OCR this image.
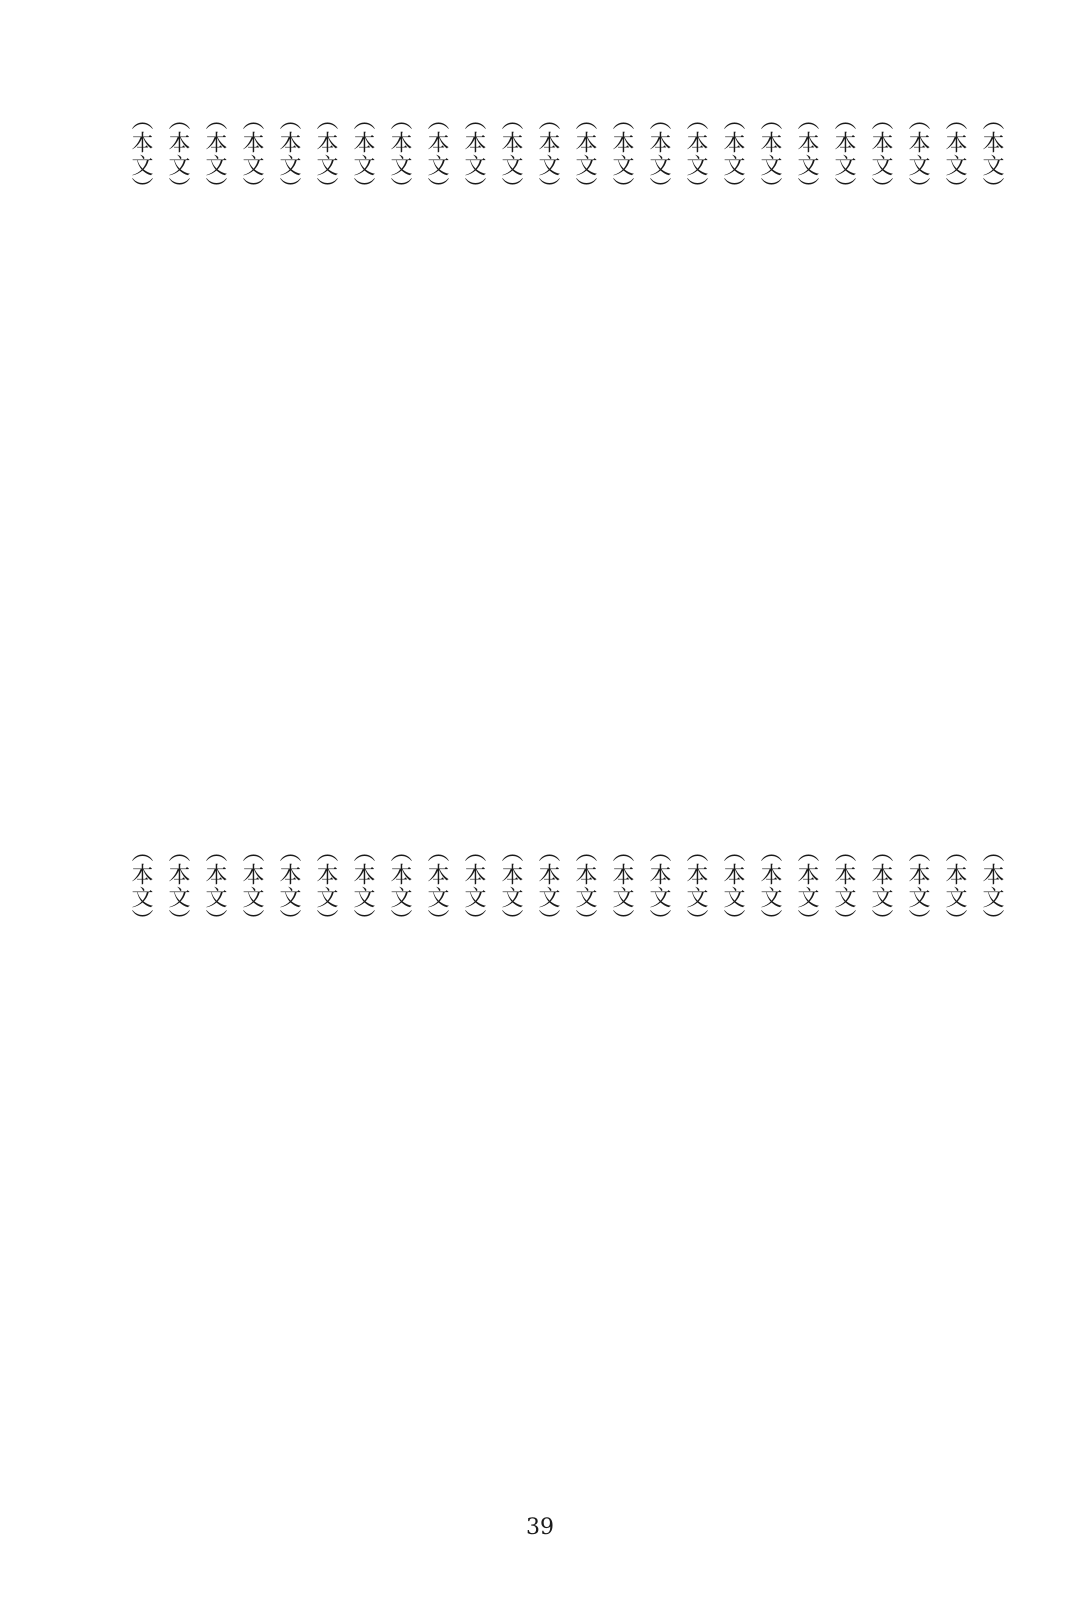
（本文）
（本文）
（本文）
（本文）
（本文）
（本文）
（本文）
（本文）
（本文）
（本文）
（本文）
（本文）
（本文）
（本文）
（本文）
（本文）
（本文）
（本文）
（本文）
（本文）
（本文）
（本文）
（本文）
（本文）
（本文）
（本文）
（本文）
（本文）
（本文）
（本文）
（本文）
（本文）
（本文）
（本文）
（本文）
（本文）
（本文）
（本文）
（本文）
（本文）
（本文）
（本文）
（本文）
（本文）
（本文）
（本文）
（本文）
（本文）
39
